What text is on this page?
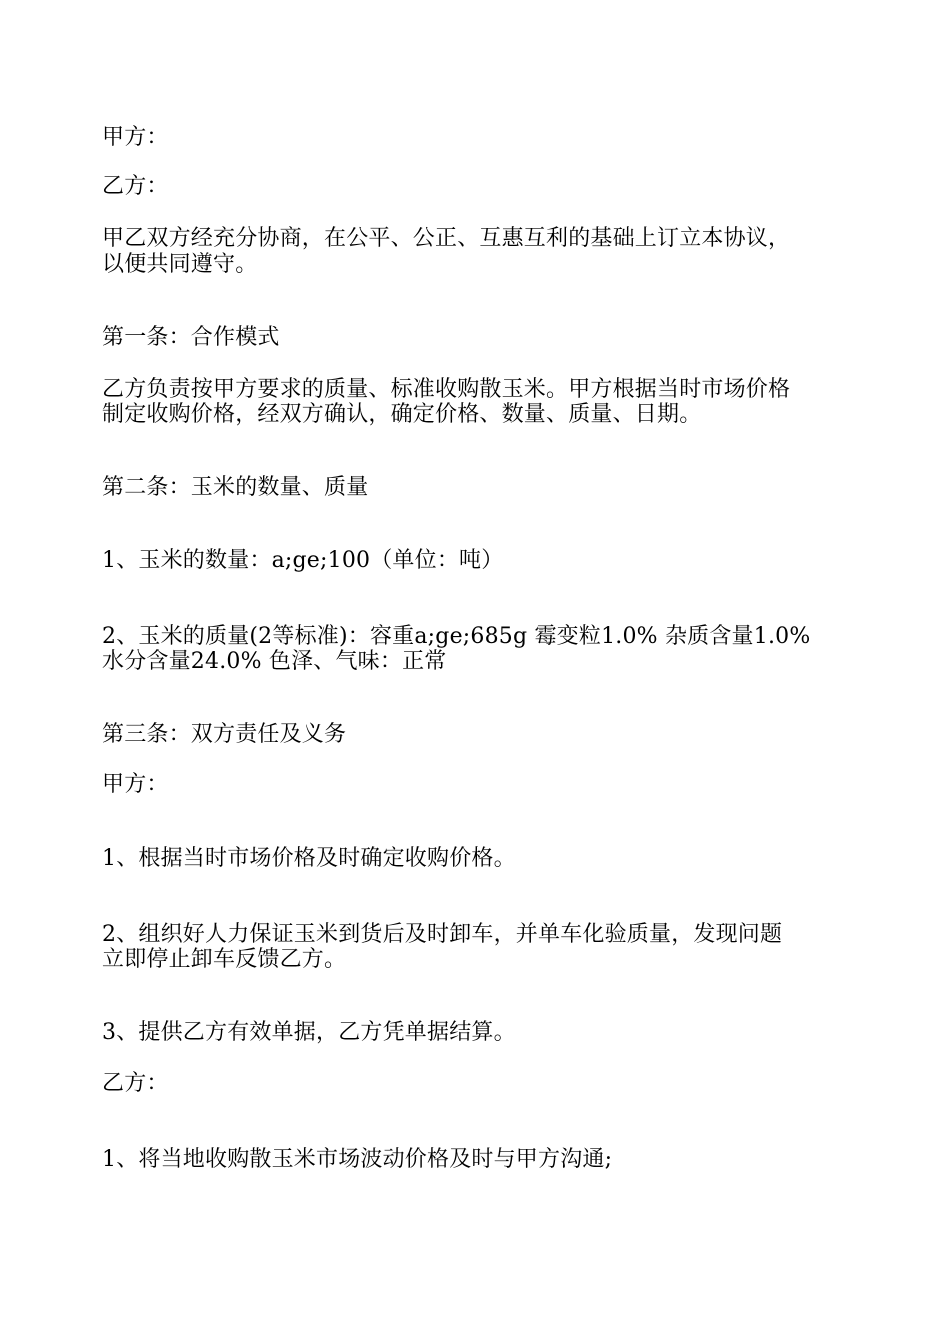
甲方：
乙方：
甲乙双方经充分协商，在公平、公正、互惠互利的基础上订立本协议，
以便共同遵守。
第一条：合作模式
乙方负责按甲方要求的质量、标准收购散玉米。甲方根据当时市场价格
制定收购价格，经双方确认，确定价格、数量、质量、日期。
第二条：玉米的数量、质量
1、玉米的数量：a;ge;100（单位：吨）
2、玉米的质量(2等标准)：容重a;ge;685g 霉变粒1.0% 杂质含量1.0%
水分含量24.0% 色泽、气味：正常
第三条：双方责任及义务
甲方：
1、根据当时市场价格及时确定收购价格。
2、组织好人力保证玉米到货后及时卸车，并单车化验质量，发现问题
立即停止卸车反馈乙方。
3、提供乙方有效单据，乙方凭单据结算。
乙方：
1、将当地收购散玉米市场波动价格及时与甲方沟通;
